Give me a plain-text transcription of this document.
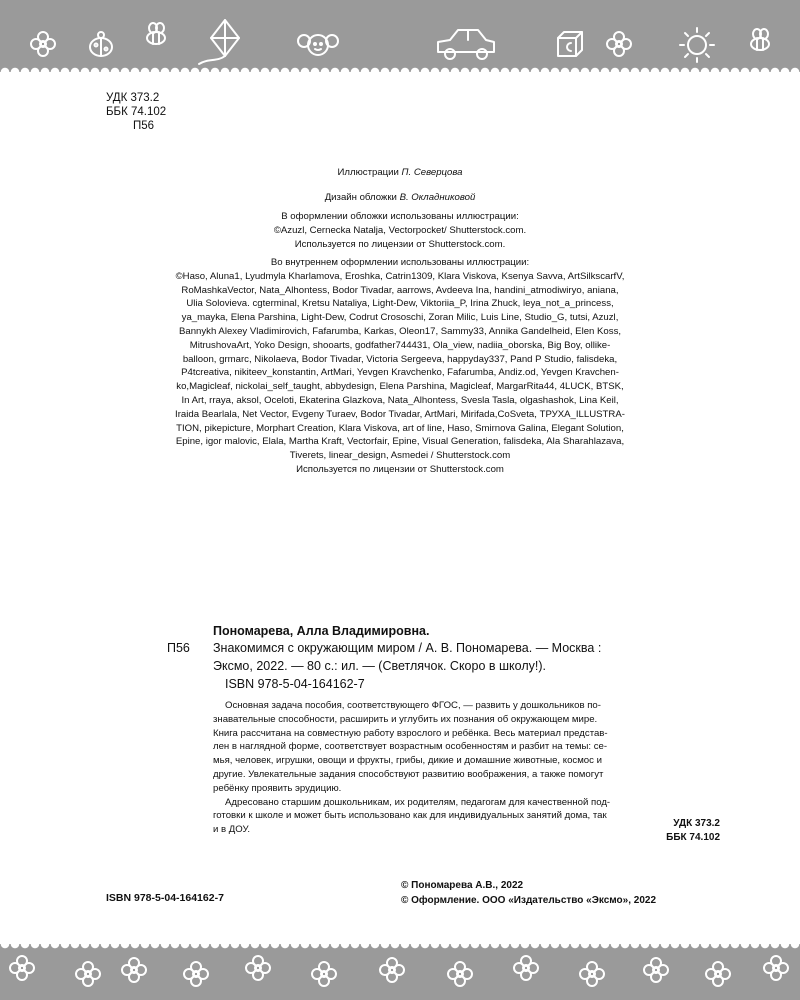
УДК 373.2
ББК 74.102
П56
Иллюстрации П. Северцова
Дизайн обложки В. Окладниковой
В оформлении обложки использованы иллюстрации:
©Azuzl, Cernecka Natalja, Vectorpocket/ Shutterstock.com.
Используется по лицензии от Shutterstock.com.
Во внутреннем оформлении использованы иллюстрации:
©Haso, Aluna1, Lyudmyla Kharlamova, Eroshka, Catrin1309, Klara Viskova, Ksenya Savva, ArtSilkscarfV,
RoMashkaVector, Nata_Alhontess, Bodor Tivadar, aarrows, Avdeeva Ina, handini_atmodiwiryo, aniana,
Ulia Solovieva. cgterminal, Kretsu Nataliya, Light-Dew, Viktoriia_P, Irina Zhuck, leya_not_a_princess,
ya_mayka, Elena Parshina, Light-Dew, Codrut Crososchi, Zoran Milic, Luis Line, Studio_G, tutsi, Azuzl,
Bannykh Alexey Vladimirovich, Fafarumba, Karkas, Oleon17, Sammy33, Annika Gandelheid, Elen Koss,
MitrushovaArt, Yoko Design, shooarts, godfather744431, Ola_view, nadiia_oborska, Big Boy, ollike-
balloon, grmarc, Nikolaeva, Bodor Tivadar, Victoria Sergeeva, happyday337, Pand P Studio, falisdeka,
P4tcreativa, nikiteev_konstantin, ArtMari, Yevgen Kravchenko, Fafarumba, Andiz.od, Yevgen Kravchen-
ko,Magicleaf, nickolai_self_taught, abbydesign, Elena Parshina, Magicleaf, MargarRita44, 4LUCK, BTSK,
In Art, rraya, aksol, Oceloti, Ekaterina Glazkova, Nata_Alhontess, Svesla Tasla, olgashashok, Lina Keil,
Iraida Bearlala, Net Vector, Evgeny Turaev, Bodor Tivadar, ArtMari, Mirifada,CoSveta, ТРУХА_ILLUSTRA-
TION, pikepicture, Morphart Creation, Klara Viskova, art of line, Haso, Smirnova Galina, Elegant Solution,
Epine, igor malovic, Elala, Martha Kraft, Vectorfair, Epine, Visual Generation, falisdeka, Ala Sharahlazava,
Tiverets, linear_design, Asmedei / Shutterstock.com
Используется по лицензии от Shutterstock.com
Пономарева, Алла Владимировна.
П56 Знакомимся с окружающим миром / А. В. Пономарева. — Москва :
Эксмо, 2022. — 80 с.: ил. — (Светлячок. Скоро в школу!).
ISBN 978-5-04-164162-7
Основная задача пособия, соответствующего ФГОС, — развить у дошкольников по-
знавательные способности, расширить и углубить их познания об окружающем мире.
Книга рассчитана на совместную работу взрослого и ребёнка. Весь материал представ-
лен в наглядной форме, соответствует возрастным особенностям и разбит на темы: се-
мья, человек, игрушки, овощи и фрукты, грибы, дикие и домашние животные, космос и
другие. Увлекательные задания способствуют развитию воображения, а также помогут
ребёнку проявить эрудицию.
Адресовано старшим дошкольникам, их родителям, педагогам для качественной под-
готовки к школе и может быть использовано как для индивидуальных занятий дома, так
и в ДОУ.
УДК 373.2
ББК 74.102
ISBN 978-5-04-164162-7
© Пономарева А.В., 2022
© Оформление. ООО «Издательство «Эксмо», 2022
